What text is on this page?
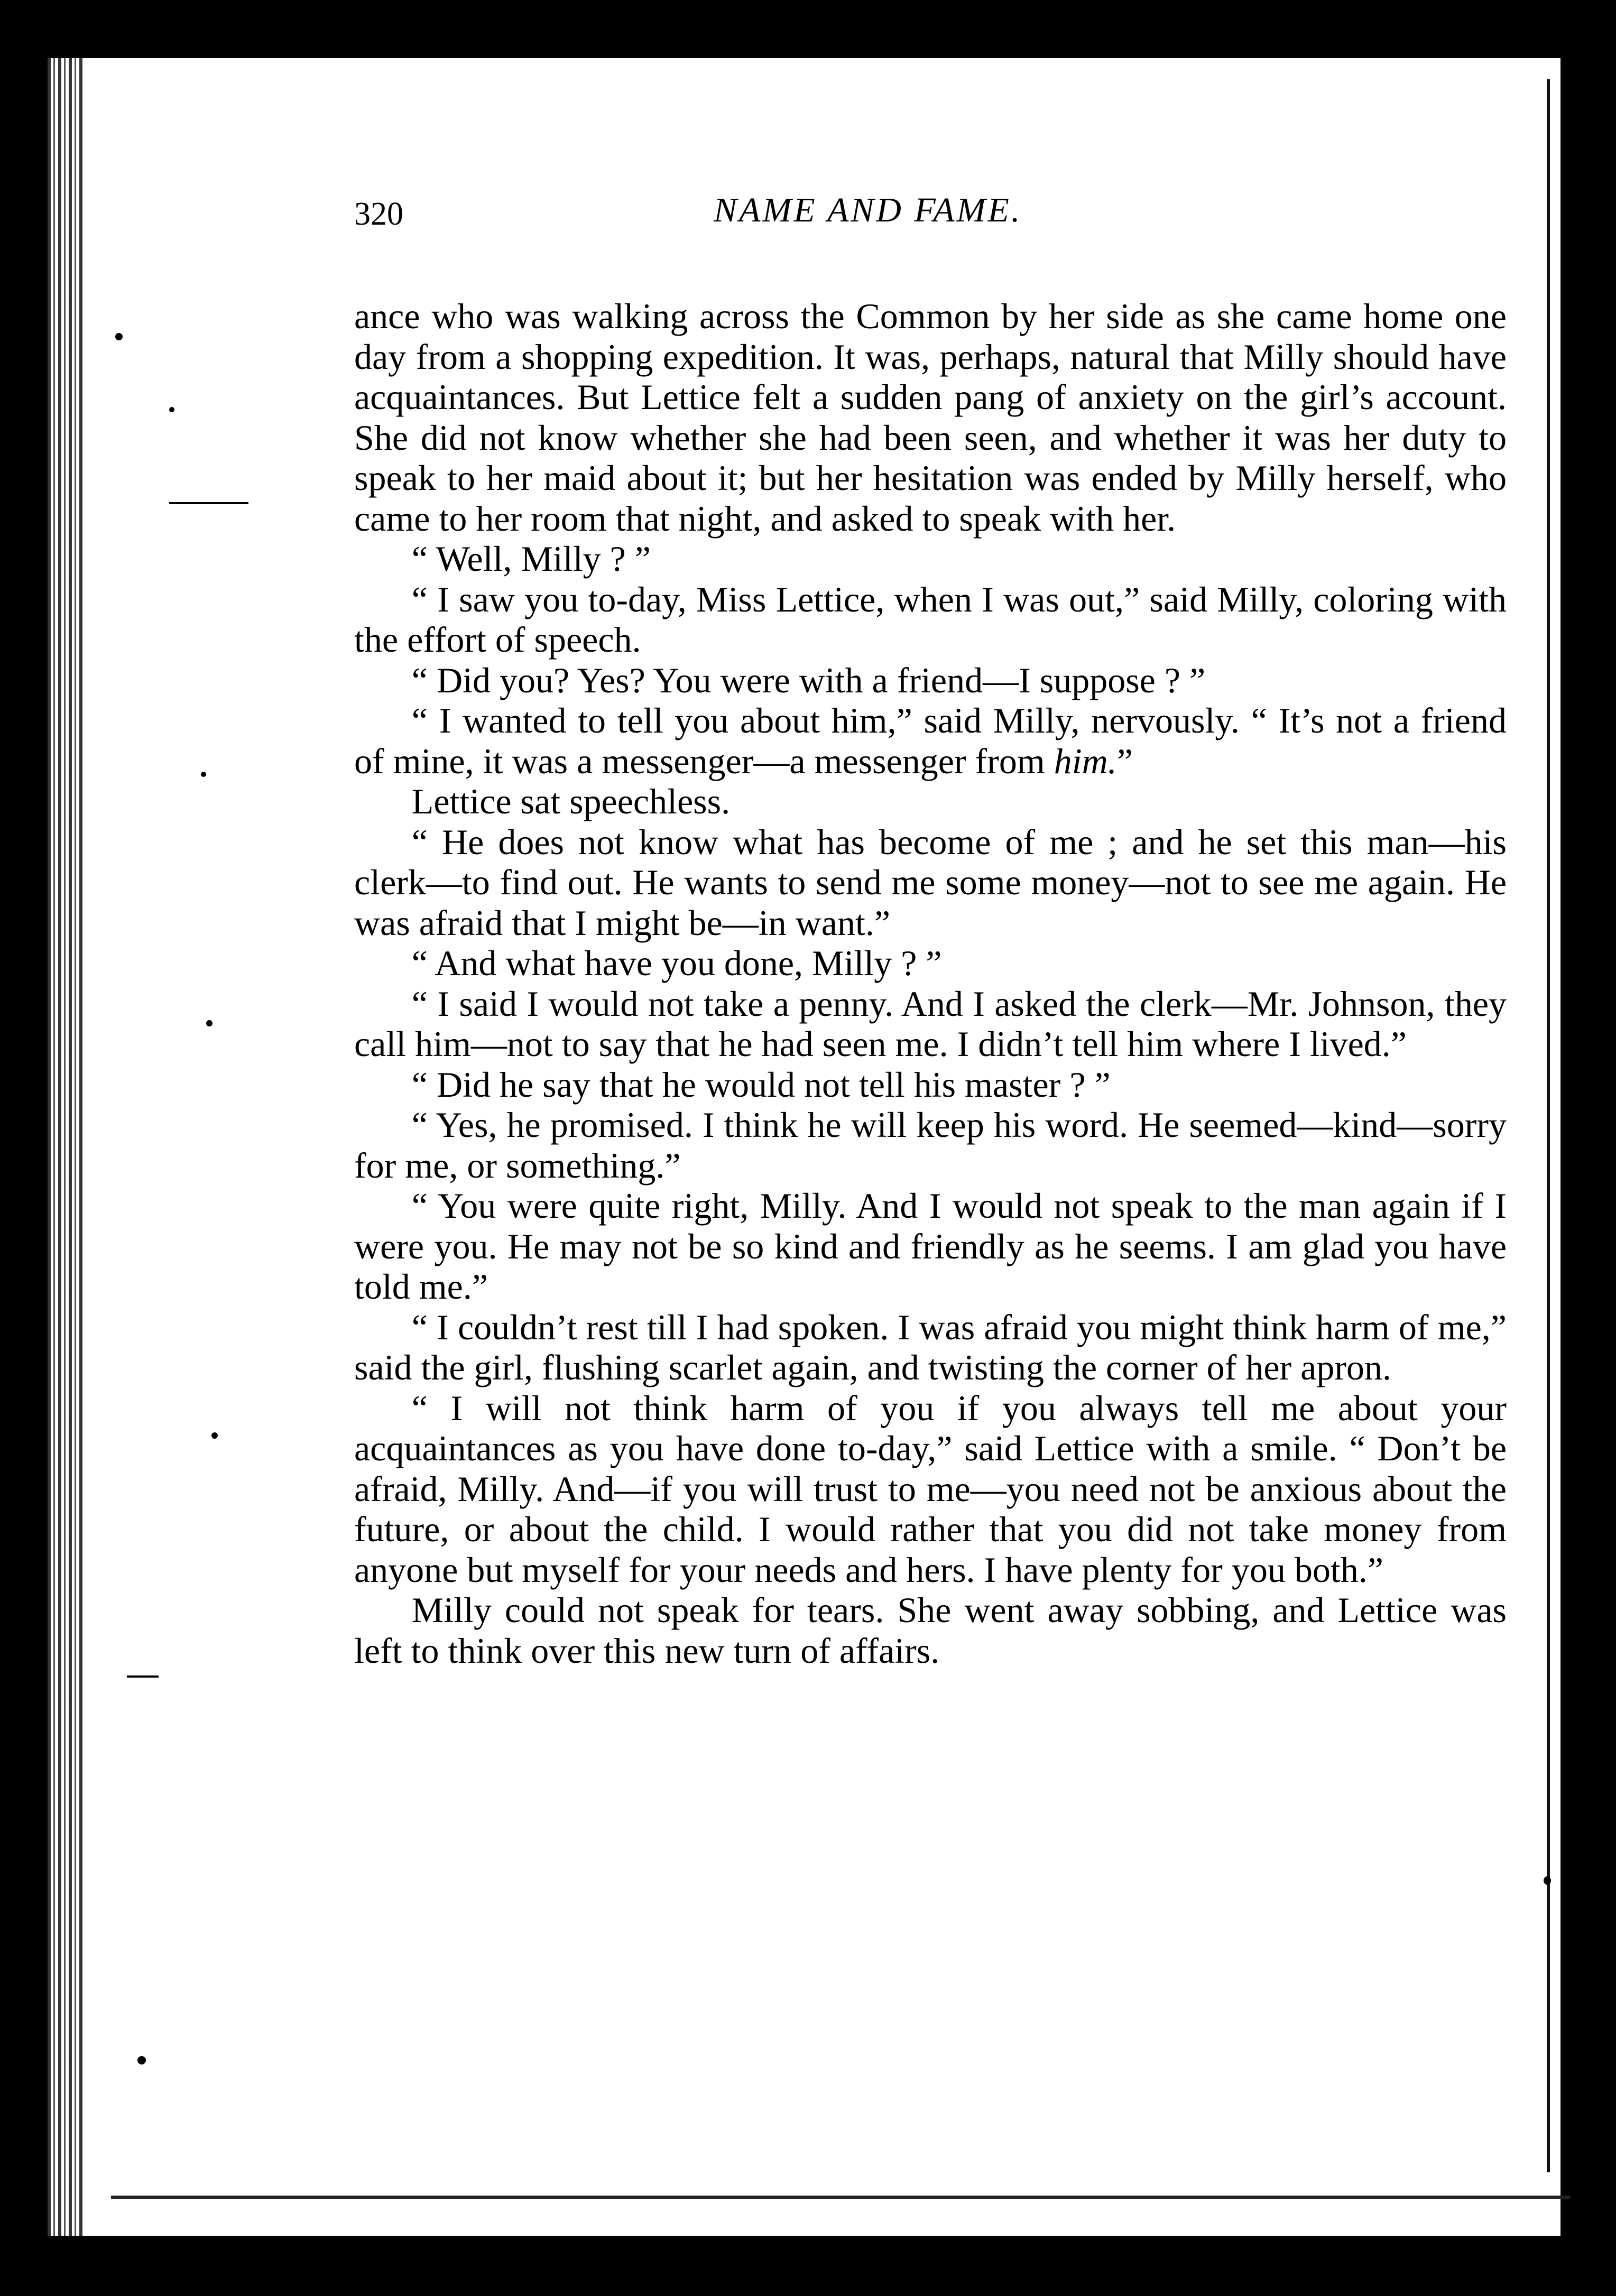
320	NAME AND FAME.

ance who was walking across the Common by her side as she came home one day from a shopping expedition. It was, perhaps, natural that Milly should have acquaintances. But Lettice felt a sudden pang of anxiety on the girl’s account. She did not know whether she had been seen, and whether it was her duty to speak to her maid about it; but her hesitation was ended by Milly herself, who came to her room that night, and asked to speak with her.

“ Well, Milly ? ”

“ I saw you to-day, Miss Lettice, when I was out,” said Milly, coloring with the effort of speech.

“ Did you? Yes? You were with a friend—I suppose ? ”

“ I wanted to tell you about him,” said Milly, nervously. “ It’s not a friend of mine, it was a messenger—a messenger from him.”

Lettice sat speechless.

“ He does not know what has become of me ; and he set this man—his clerk—to find out. He wants to send me some money—not to see me again. He was afraid that I might be—in want.”

“ And what have you done, Milly ? ”

“ I said I would not take a penny. And I asked the clerk—Mr. Johnson, they call him—not to say that he had seen me. I didn’t tell him where I lived.”

“ Did he say that he would not tell his master ? ”

“ Yes, he promised. I think he will keep his word. He seemed—kind—sorry for me, or something.”

“ You were quite right, Milly. And I would not speak to the man again if I were you. He may not be so kind and friendly as he seems. I am glad you have told me.”

“ I couldn’t rest till I had spoken. I was afraid you might think harm of me,” said the girl, flushing scarlet again, and twisting the corner of her apron.

“ I will not think harm of you if you always tell me about your acquaintances as you have done to-day,” said Lettice with a smile. “ Don’t be afraid, Milly. And—if you will trust to me—you need not be anxious about the future, or about the child. I would rather that you did not take money from anyone but myself for your needs and hers. I have plenty for you both.”

Milly could not speak for tears. She went away sobbing, and Lettice was left to think over this new turn of affairs.
